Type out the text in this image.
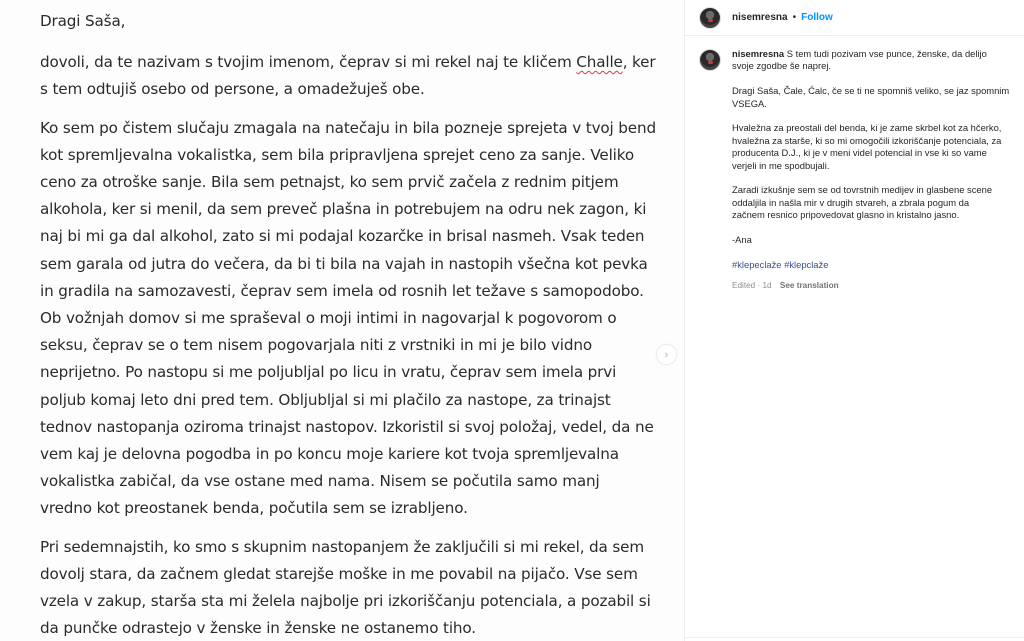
Dragi Saša,

dovoli, da te nazivam s tvojim imenom, čeprav si mi rekel naj te kličem Challe, ker
s tem odtujiš osebo od persone, a omadežuješ obe.

Ko sem po čistem slučaju zmagala na natečaju in bila pozneje sprejeta v tvoj bend
kot spremljevalna vokalistka, sem bila pripravljena sprejet ceno za sanje. Veliko
ceno za otroške sanje. Bila sem petnajst, ko sem prvič začela z rednim pitjem
alkohola, ker si menil, da sem preveč plašna in potrebujem na odru nek zagon, ki
naj bi mi ga dal alkohol, zato si mi podajal kozarčke in brisal nasmeh. Vsak teden
sem garala od jutra do večera, da bi ti bila na vajah in nastopih všečna kot pevka
in gradila na samozavesti, čeprav sem imela od rosnih let težave s samopodobo.
Ob vožnjah domov si me spraševal o moji intimi in nagovarjal k pogovorom o
seksu, čeprav se o tem nisem pogovarjala niti z vrstniki in mi je bilo vidno
neprijetno. Po nastopu si me poljubljal po licu in vratu, čeprav sem imela prvi
poljub komaj leto dni pred tem. Obljubljal si mi plačilo za nastope, za trinajst
tednov nastopanja oziroma trinajst nastopov. Izkoristil si svoj položaj, vedel, da ne
vem kaj je delovna pogodba in po koncu moje kariere kot tvoja spremljevalna
vokalistka zabičal, da vse ostane med nama. Nisem se počutila samo manj
vredno kot preostanek benda, počutila sem se izrabljeno.

Pri sedemnajstih, ko smo s skupnim nastopanjem že zaključili si mi rekel, da sem
dovolj stara, da začnem gledat starejše moške in me povabil na pijačo. Vse sem
vzela v zakup, starša sta mi želela najbolje pri izkoriščanju potenciala, a pozabil si
da punčke odrastejo v ženske in ženske ne ostanemo tiho.

›
nisemresna • Follow
nisemresna S tem tudi pozivam vse punce, ženske, da delijo
svoje zgodbe še naprej.
Dragi Saša, Čale, Ćalc, če se ti ne spomniš veliko, se jaz spomnim
VSEGA.
Hvaležna za preostali del benda, ki je zame skrbel kot za hčerko,
hvaležna za starše, ki so mi omogočili izkoriščanje potenciala, za
producenta D.J., ki je v meni videl potencial in vse ki so vame
verjeli in me spodbujali.
Zaradi izkušnje sem se od tovrstnih medijev in glasbene scene
oddaljila in našla mir v drugih stvareh, a zbrala pogum da
začnem resnico pripovedovat glasno in kristalno jasno.
-Ana
#klepeclaže #klepclaže
Edited · 1d See translation
